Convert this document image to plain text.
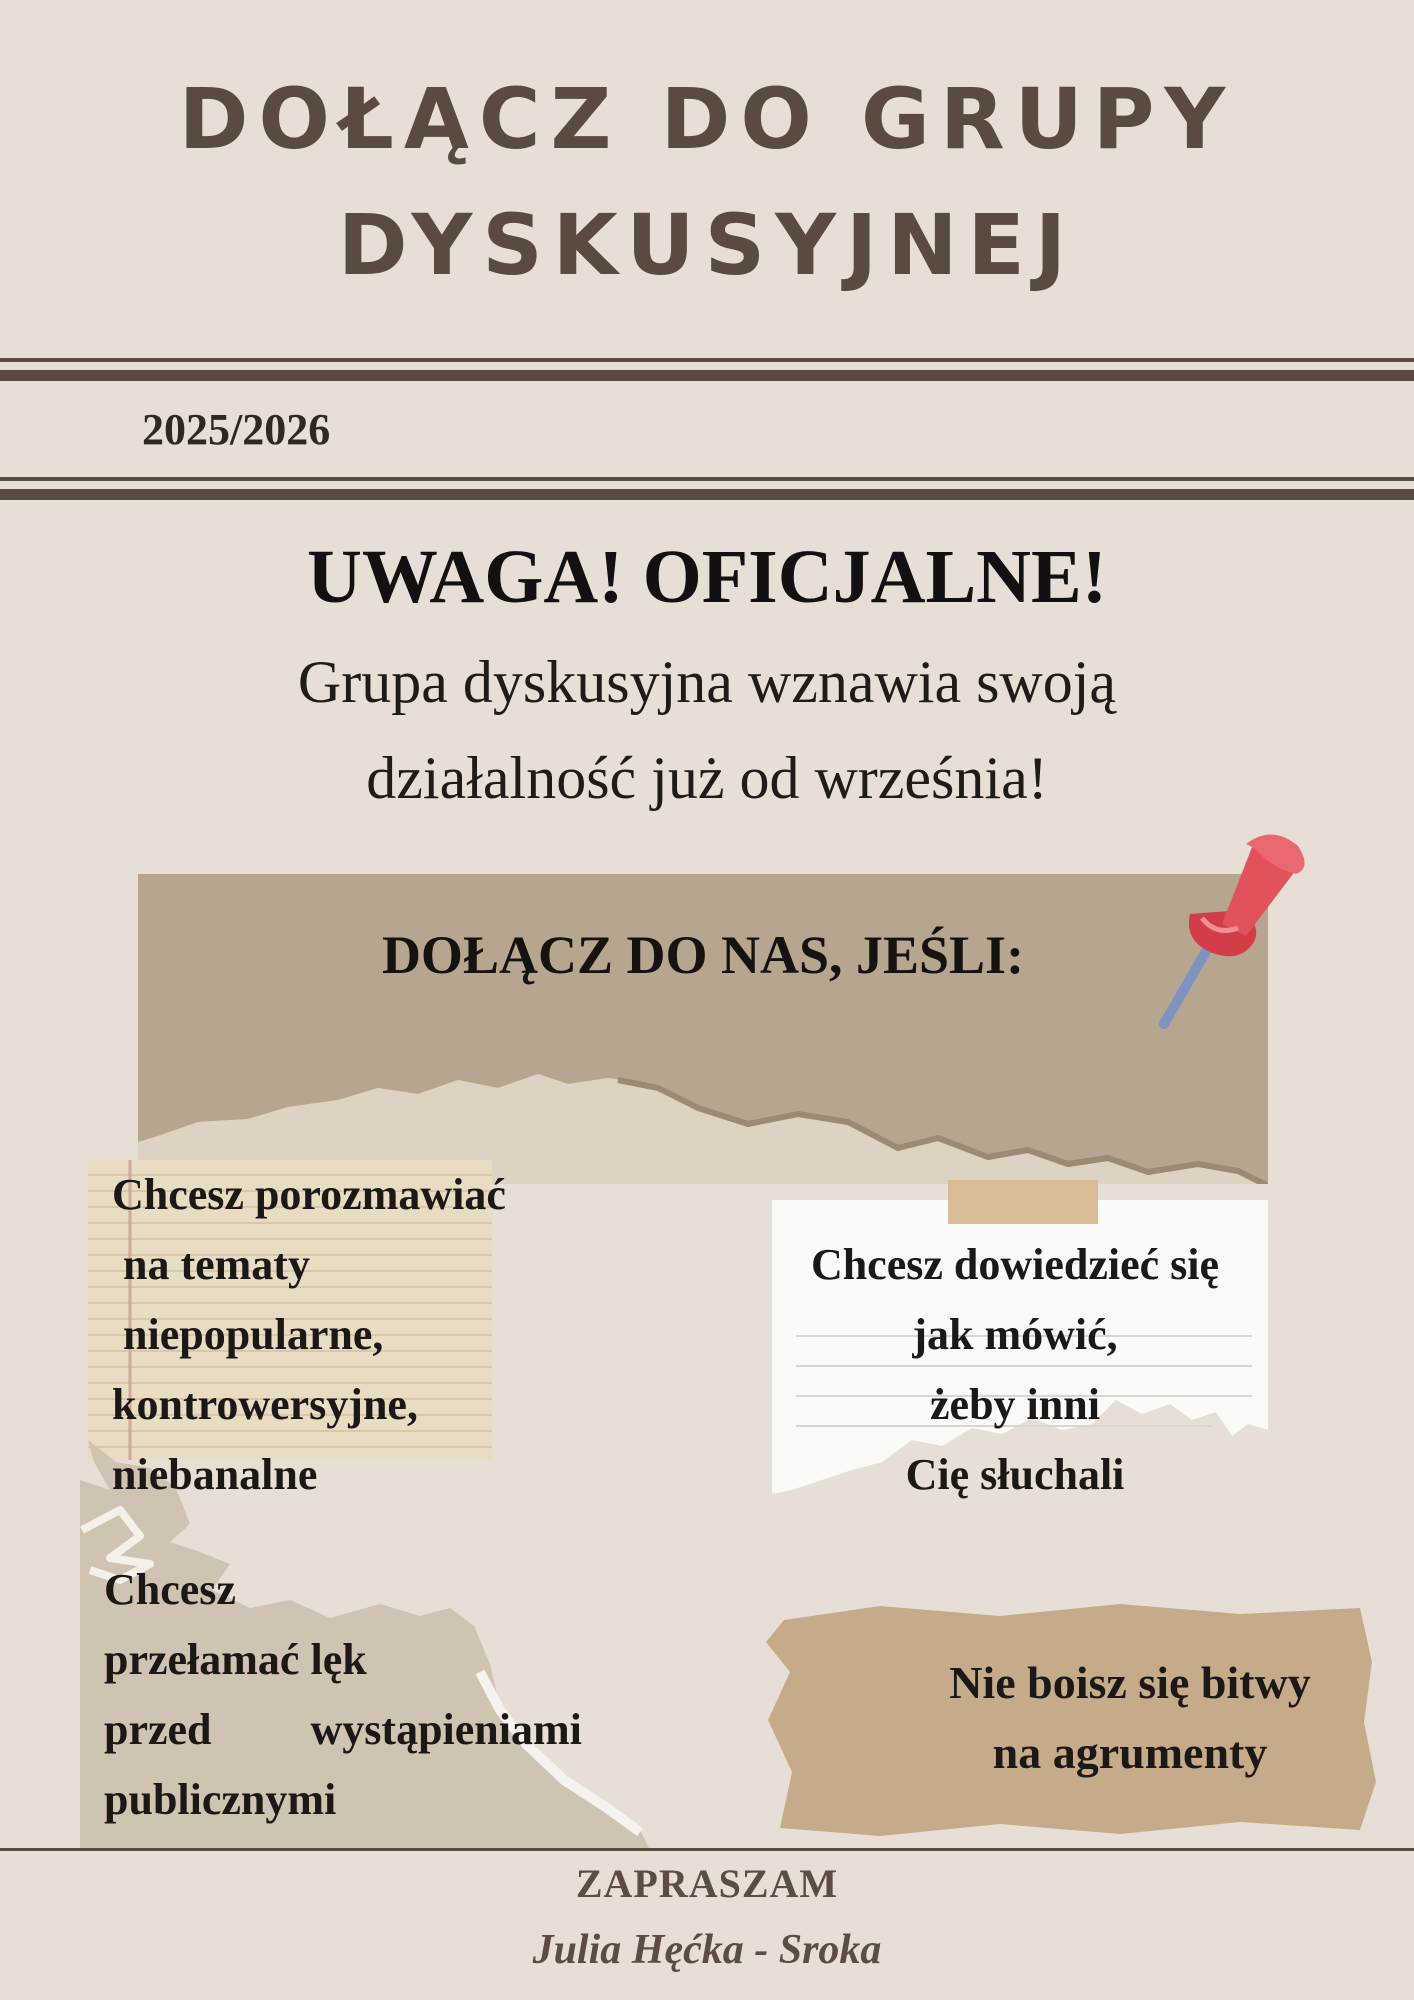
DOŁĄCZ DO GRUPY
DYSKUSYJNEJ
2025/2026
UWAGA! OFICJALNE!
Grupa dyskusyjna wznawia swoją
działalność już od września!
DOŁĄCZ DO NAS, JEŚLI:
Chcesz porozmawiać
na tematy
niepopularne,
kontrowersyjne,
niebanalne
Chcesz dowiedzieć się
jak mówić,
żeby inni
Cię słuchali
Chcesz
przełamać lęk
przed         wystąpieniami
publicznymi
Nie boisz się bitwy
na agrumenty
ZAPRASZAM
Julia Hęćka - Sroka
